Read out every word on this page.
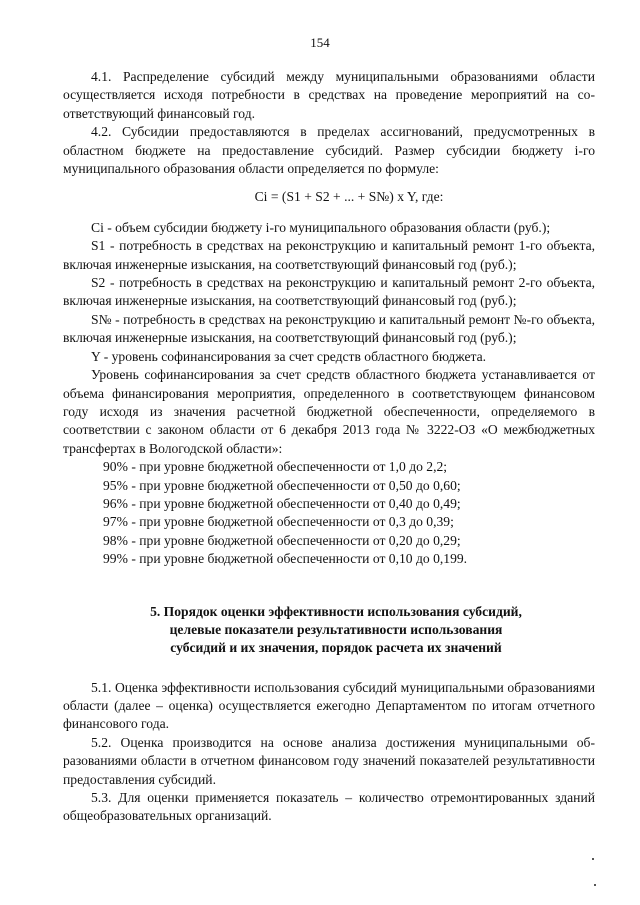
154

4.1. Распределение субсидий между муниципальными образованиями области осуществляется исходя потребности в средствах на проведение мероприятий на соответствующий финансовый год.

4.2. Субсидии предоставляются в пределах ассигнований, предусмотренных в областном бюджете на предоставление субсидий. Размер субсидии бюджету i-го муниципального образования области определяется по формуле:

Ci = (S1 + S2 + ... + S№) x Y, где:

Ci - объем субсидии бюджету i-го муниципального образования области (руб.);

S1 - потребность в средствах на реконструкцию и капитальный ремонт 1-го объекта, включая инженерные изыскания, на соответствующий финансовый год (руб.);

S2 - потребность в средствах на реконструкцию и капитальный ремонт 2-го объекта, включая инженерные изыскания, на соответствующий финансовый год (руб.);

S№ - потребность в средствах на реконструкцию и капитальный ремонт №-го объекта, включая инженерные изыскания, на соответствующий финансовый год (руб.);

Y - уровень софинансирования за счет средств областного бюджета.

Уровень софинансирования за счет средств областного бюджета устанавливается от объема финансирования мероприятия, определенного в соответствующем финансовом году исходя из значения расчетной бюджетной обеспеченности, определяемого в соответствии с законом области от 6 декабря 2013 года № 3222-ОЗ «О межбюджетных трансфертах в Вологодской области»:

90% - при уровне бюджетной обеспеченности от 1,0 до 2,2;
95% - при уровне бюджетной обеспеченности от 0,50 до 0,60;
96% - при уровне бюджетной обеспеченности от 0,40 до 0,49;
97% - при уровне бюджетной обеспеченности от 0,3 до 0,39;
98% - при уровне бюджетной обеспеченности от 0,20 до 0,29;
99% - при уровне бюджетной обеспеченности от 0,10 до 0,199.
5. Порядок оценки эффективности использования субсидий,
целевые показатели результативности использования
субсидий и их значения, порядок расчета их значений

5.1. Оценка эффективности использования субсидий муниципальными образованиями области (далее – оценка) осуществляется ежегодно Департаментом по итогам отчетного финансового года.

5.2. Оценка производится на основе анализа достижения муниципальными образованиями области в отчетном финансовом году значений показателей результативности предоставления субсидий.

5.3. Для оценки применяется показатель – количество отремонтированных зданий общеобразовательных организаций.
